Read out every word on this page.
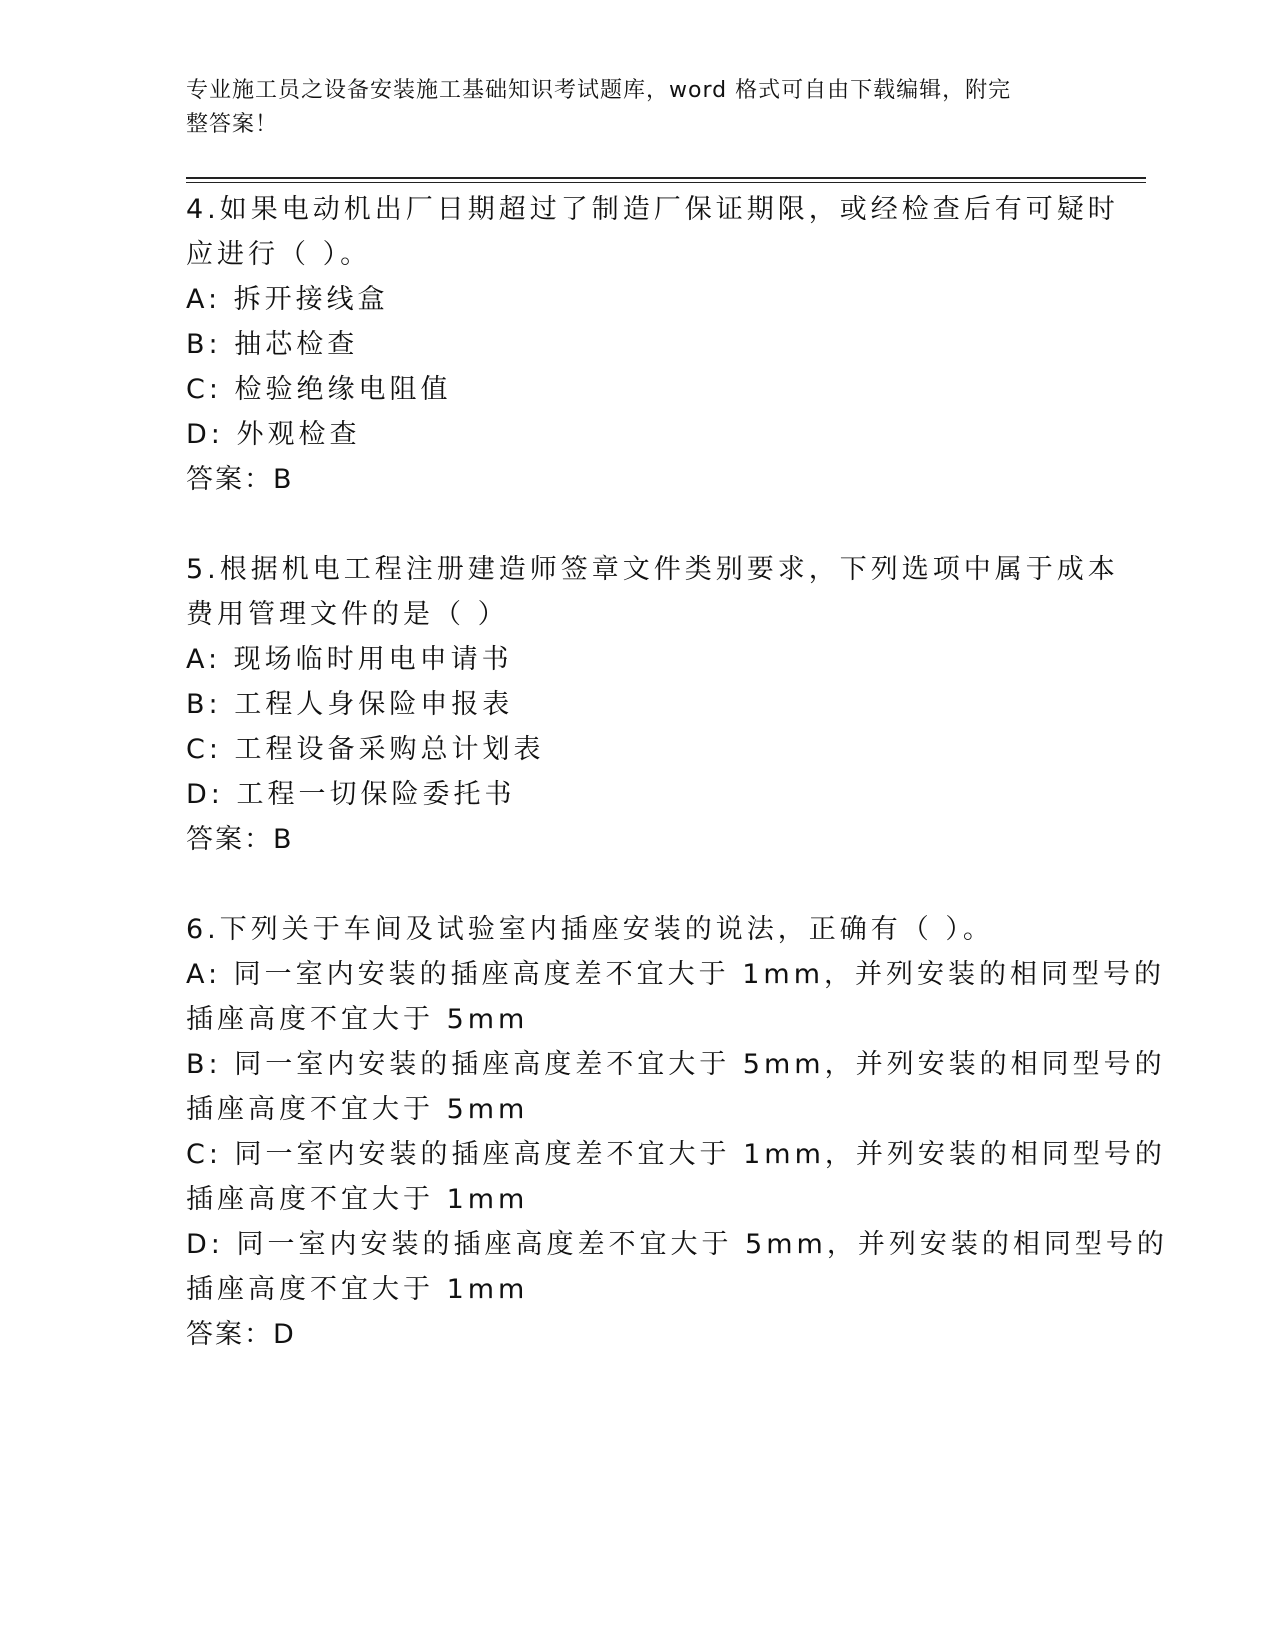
专业施工员之设备安装施工基础知识考试题库，word 格式可自由下载编辑，附完
整答案！
4.如果电动机出厂日期超过了制造厂保证期限，或经检查后有可疑时
应进行（ ）。
A: 拆开接线盒
B: 抽芯检查
C: 检验绝缘电阻值
D: 外观检查
答案：B
5.根据机电工程注册建造师签章文件类别要求，下列选项中属于成本
费用管理文件的是（ ）
A: 现场临时用电申请书
B: 工程人身保险申报表
C: 工程设备采购总计划表
D: 工程一切保险委托书
答案：B
6.下列关于车间及试验室内插座安装的说法，正确有（ ）。
A: 同一室内安装的插座高度差不宜大于 1mm，并列安装的相同型号的
插座高度不宜大于 5mm
B: 同一室内安装的插座高度差不宜大于 5mm，并列安装的相同型号的
插座高度不宜大于 5mm
C: 同一室内安装的插座高度差不宜大于 1mm，并列安装的相同型号的
插座高度不宜大于 1mm
D: 同一室内安装的插座高度差不宜大于 5mm，并列安装的相同型号的
插座高度不宜大于 1mm
答案：D
